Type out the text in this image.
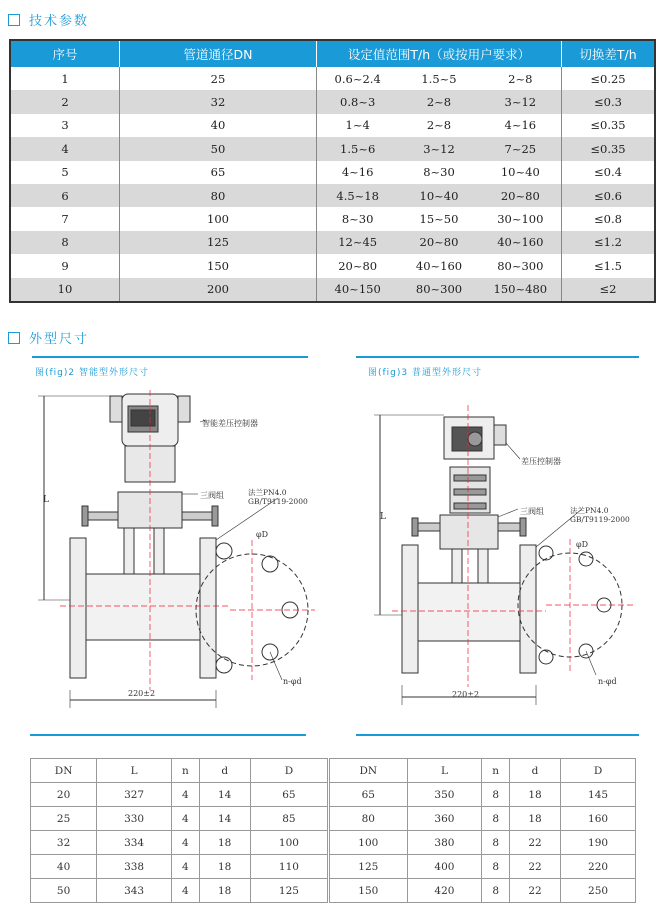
技术参数
序号	管道通径DN	设定值范围T/h（或按用户要求）	切换差T/h
1	25	0.6~2.4 1.5~5 2~8	≤0.25
2	32	0.8~3 2~8 3~12	≤0.3
3	40	1~4 2~8 4~16	≤0.35
4	50	1.5~6 3~12 7~25	≤0.35
5	65	4~16 8~30 10~40	≤0.4
6	80	4.5~18 10~40 20~80	≤0.6
7	100	8~30 15~50 30~100	≤0.8
8	125	12~45 20~80 40~160	≤1.2
9	150	20~80 40~160 80~300	≤1.5
10	200	40~150 80~300 150~480	≤2
外型尺寸
图(fig)2 智能型外形尺寸
L
智能差压控制器
三阀组	法兰PN4.0
GB/T9119-2000
φD
n-φd
220±2
图(fig)3 普通型外形尺寸
L
差压控制器
三阀组	法兰PN4.0
GB/T9119-2000
φD
n-φd
220±2
DN	L	n	d	D	DN	L	n	d	D
20	327	4	14	65	65	350	8	18	145
25	330	4	14	85	80	360	8	18	160
32	334	4	18	100	100	380	8	22	190
40	338	4	18	110	125	400	8	22	220
50	343	4	18	125	150	420	8	22	250
